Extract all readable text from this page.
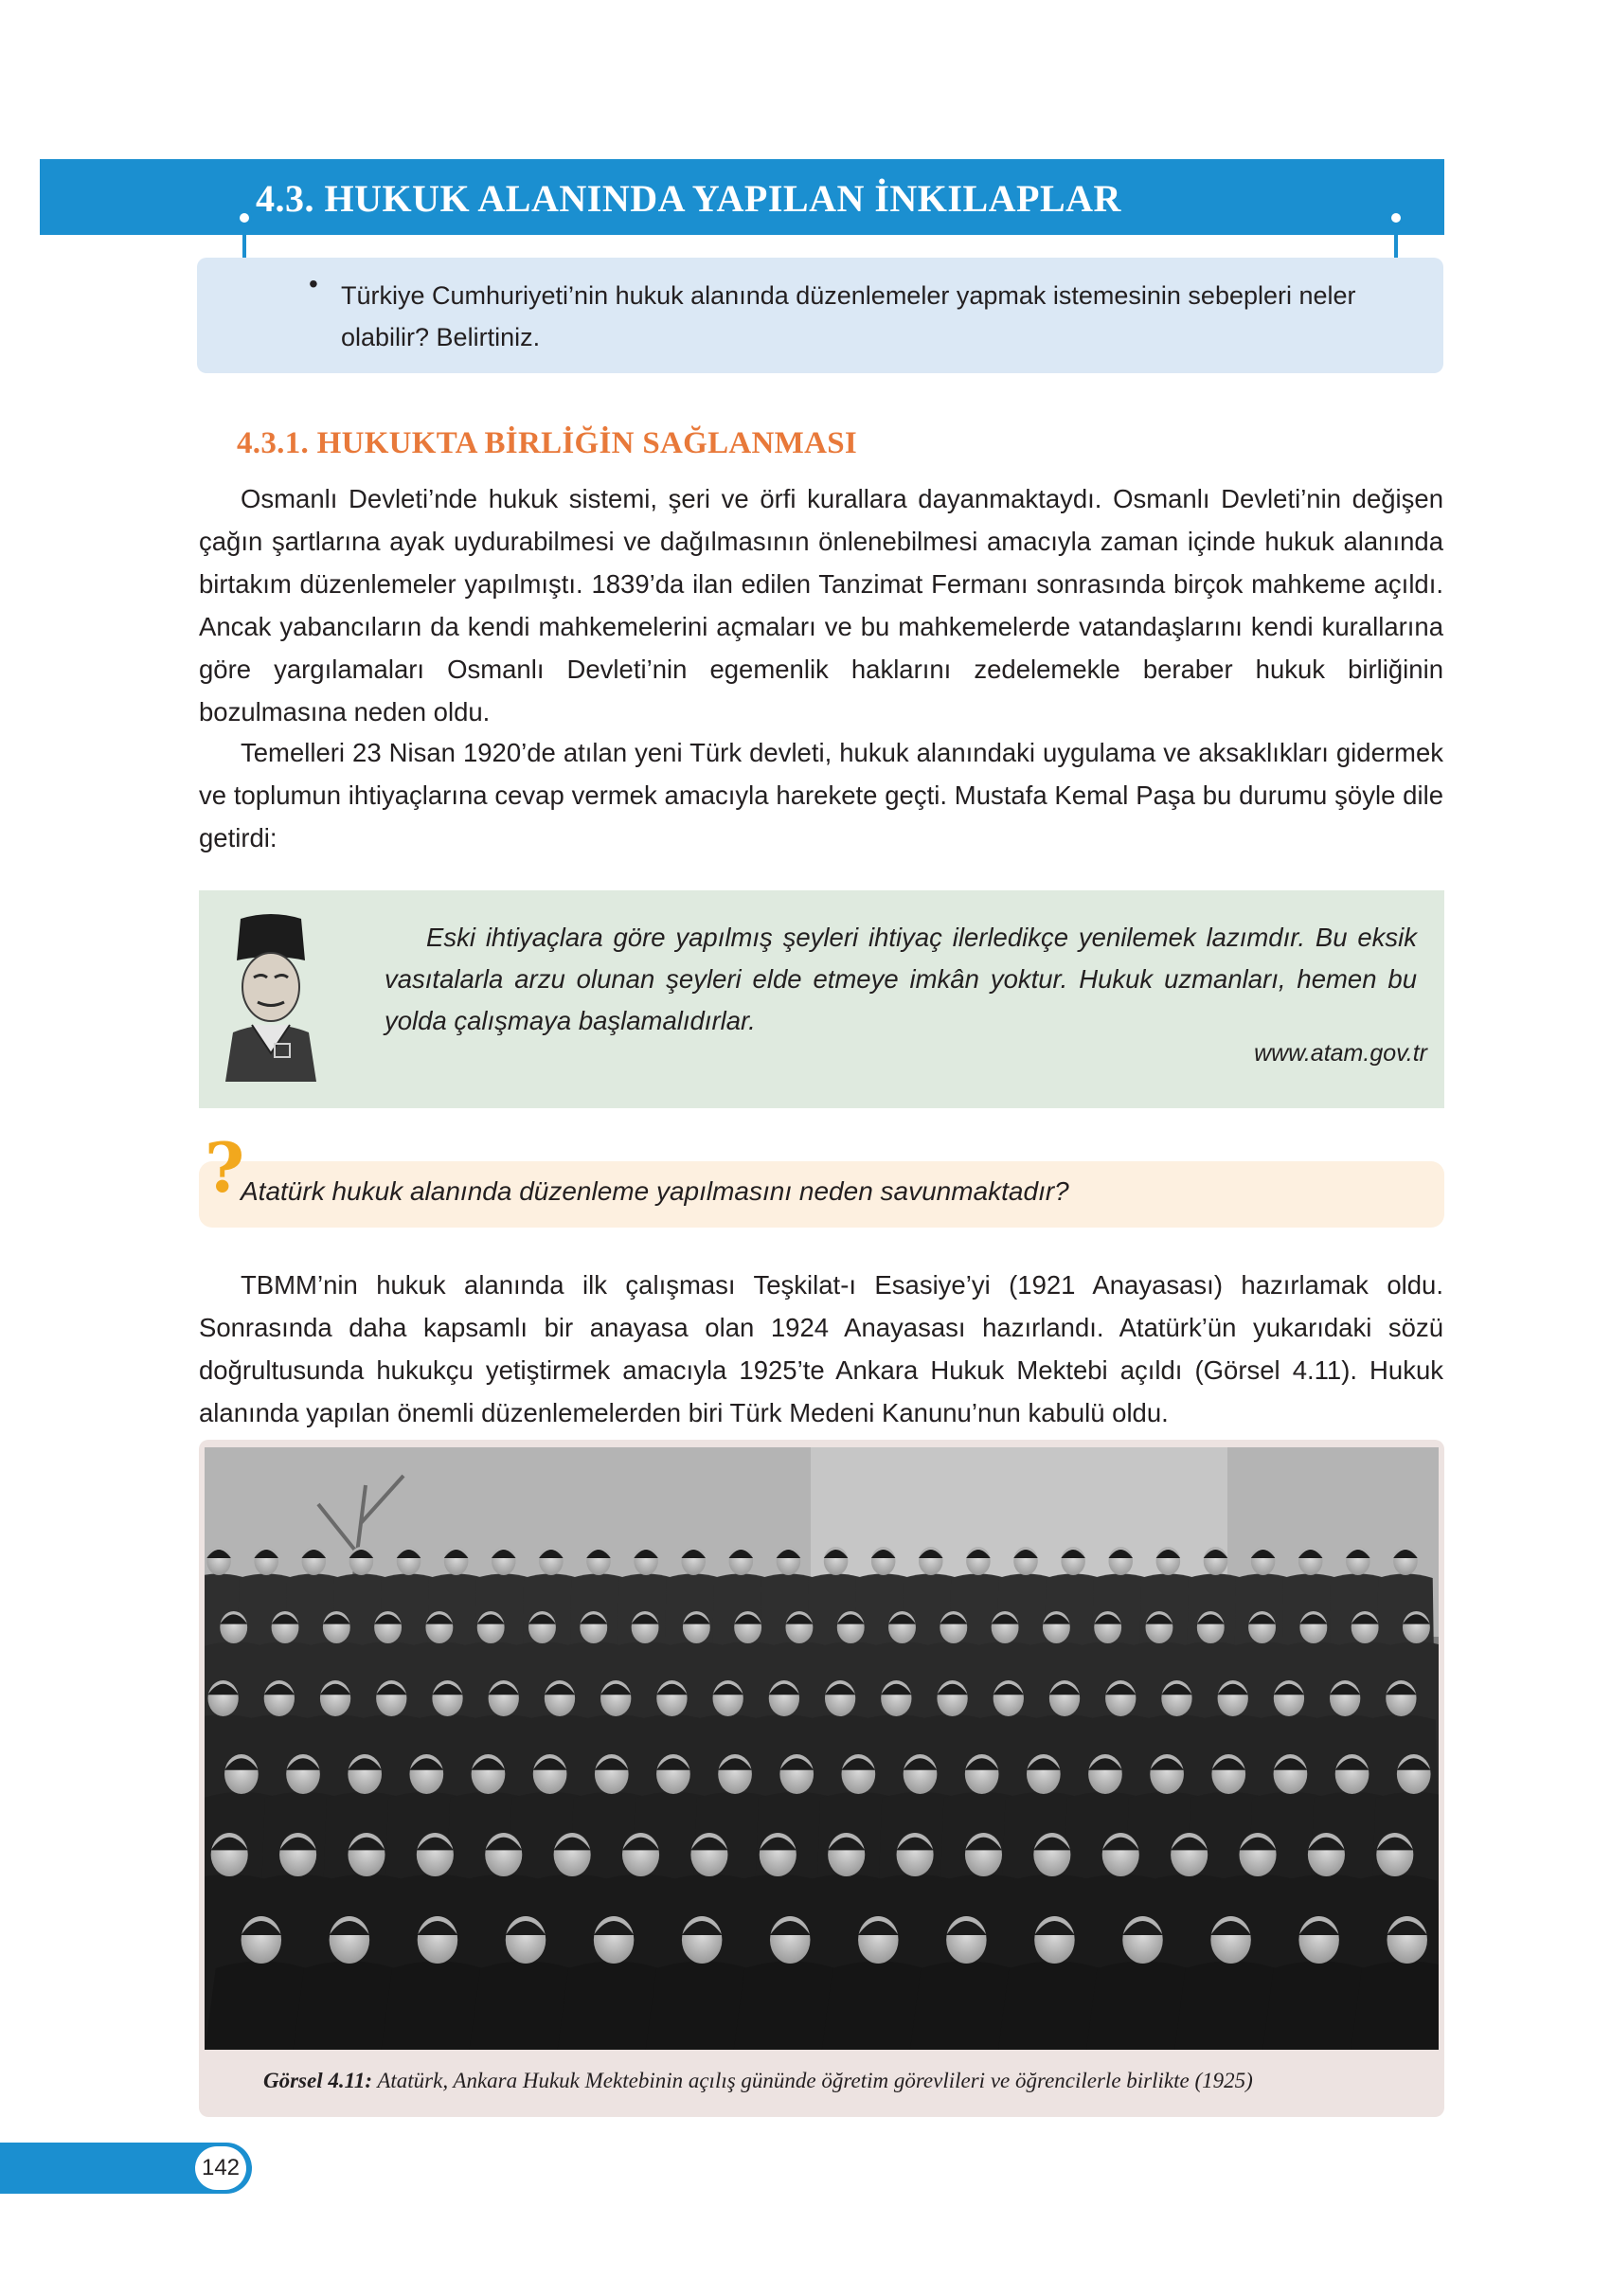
4.3. HUKUK ALANINDA YAPILAN İNKILAPLAR
• Türkiye Cumhuriyeti’nin hukuk alanında düzenlemeler yapmak istemesinin sebepleri neler olabilir? Belirtiniz.

4.3.1. HUKUKTA BİRLİĞİN SAĞLANMASI

Osmanlı Devleti’nde hukuk sistemi, şeri ve örfi kurallara dayanmaktaydı. Osmanlı Devleti’nin değişen çağın şartlarına ayak uydurabilmesi ve dağılmasının önlenebilmesi amacıyla zaman içinde hukuk alanında birtakım düzenlemeler yapılmıştı. 1839’da ilan edilen Tanzimat Fermanı sonrasında birçok mahkeme açıldı. Ancak yabancıların da kendi mahkemelerini açmaları ve bu mahkemelerde vatandaşlarını kendi kurallarına göre yargılamaları Osmanlı Devleti’nin egemenlik haklarını zedelemekle beraber hukuk birliğinin bozulmasına neden oldu.

Temelleri 23 Nisan 1920’de atılan yeni Türk devleti, hukuk alanındaki uygulama ve aksaklıkları gidermek ve toplumun ihtiyaçlarına cevap vermek amacıyla harekete geçti. Mustafa Kemal Paşa bu durumu şöyle dile getirdi:

Eski ihtiyaçlara göre yapılmış şeyleri ihtiyaç ilerledikçe yenilemek lazımdır. Bu eksik vasıtalarla arzu olunan şeyleri elde etmeye imkân yoktur. Hukuk uzmanları, hemen bu yolda çalışmaya başlamalıdırlar.

www.atam.gov.tr

Atatürk hukuk alanında düzenleme yapılmasını neden savunmaktadır?

?

TBMM’nin hukuk alanında ilk çalışması Teşkilat-ı Esasiye’yi (1921 Anayasası) hazırlamak oldu. Sonrasında daha kapsamlı bir anayasa olan 1924 Anayasası hazırlandı. Atatürk’ün yukarıdaki sözü doğrultusunda hukukçu yetiştirmek amacıyla 1925’te Ankara Hukuk Mektebi açıldı (Görsel 4.11). Hukuk alanında yapılan önemli düzenlemelerden biri Türk Medeni Kanunu’nun kabulü oldu.

Görsel 4.11: Atatürk, Ankara Hukuk Mektebinin açılış gününde öğretim görevlileri ve öğrencilerle birlikte (1925)

142
